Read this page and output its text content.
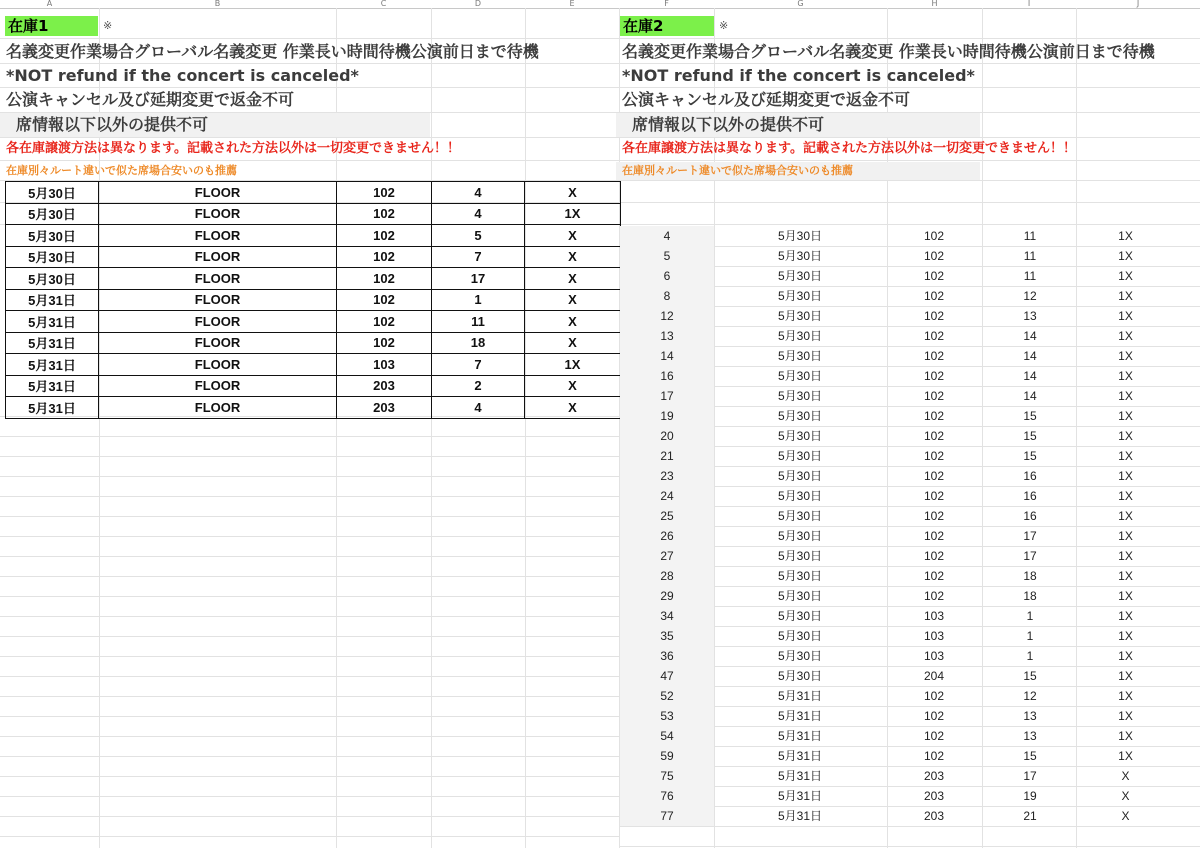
A	B	C	D	E	F	G	H	I	J
在庫1	※
名義変更作業場合グローバル名義変更 作業長い時間待機公演前日まで待機
*NOT refund if the concert is canceled*
公演キャンセル及び延期変更で返金不可
席情報以下以外の提供不可
各在庫譲渡方法は異なります。記載された方法以外は一切変更できません！！
在庫別々ルート違いで似た席場合安いのも推薦
5月30日	FLOOR	102	4	X
5月30日	FLOOR	102	4	1X
5月30日	FLOOR	102	5	X
5月30日	FLOOR	102	7	X
5月30日	FLOOR	102	17	X
5月31日	FLOOR	102	1	X
5月31日	FLOOR	102	11	X
5月31日	FLOOR	102	18	X
5月31日	FLOOR	103	7	1X
5月31日	FLOOR	203	2	X
5月31日	FLOOR	203	4	X
在庫2	※
名義変更作業場合グローバル名義変更 作業長い時間待機公演前日まで待機
*NOT refund if the concert is canceled*
公演キャンセル及び延期変更で返金不可
席情報以下以外の提供不可
各在庫譲渡方法は異なります。記載された方法以外は一切変更できません！！
在庫別々ルート違いで似た席場合安いのも推薦
4	5月30日	102	11	1X
5	5月30日	102	11	1X
6	5月30日	102	11	1X
8	5月30日	102	12	1X
12	5月30日	102	13	1X
13	5月30日	102	14	1X
14	5月30日	102	14	1X
16	5月30日	102	14	1X
17	5月30日	102	14	1X
19	5月30日	102	15	1X
20	5月30日	102	15	1X
21	5月30日	102	15	1X
23	5月30日	102	16	1X
24	5月30日	102	16	1X
25	5月30日	102	16	1X
26	5月30日	102	17	1X
27	5月30日	102	17	1X
28	5月30日	102	18	1X
29	5月30日	102	18	1X
34	5月30日	103	1	1X
35	5月30日	103	1	1X
36	5月30日	103	1	1X
47	5月30日	204	15	1X
52	5月31日	102	12	1X
53	5月31日	102	13	1X
54	5月31日	102	13	1X
59	5月31日	102	15	1X
75	5月31日	203	17	X
76	5月31日	203	19	X
77	5月31日	203	21	X
